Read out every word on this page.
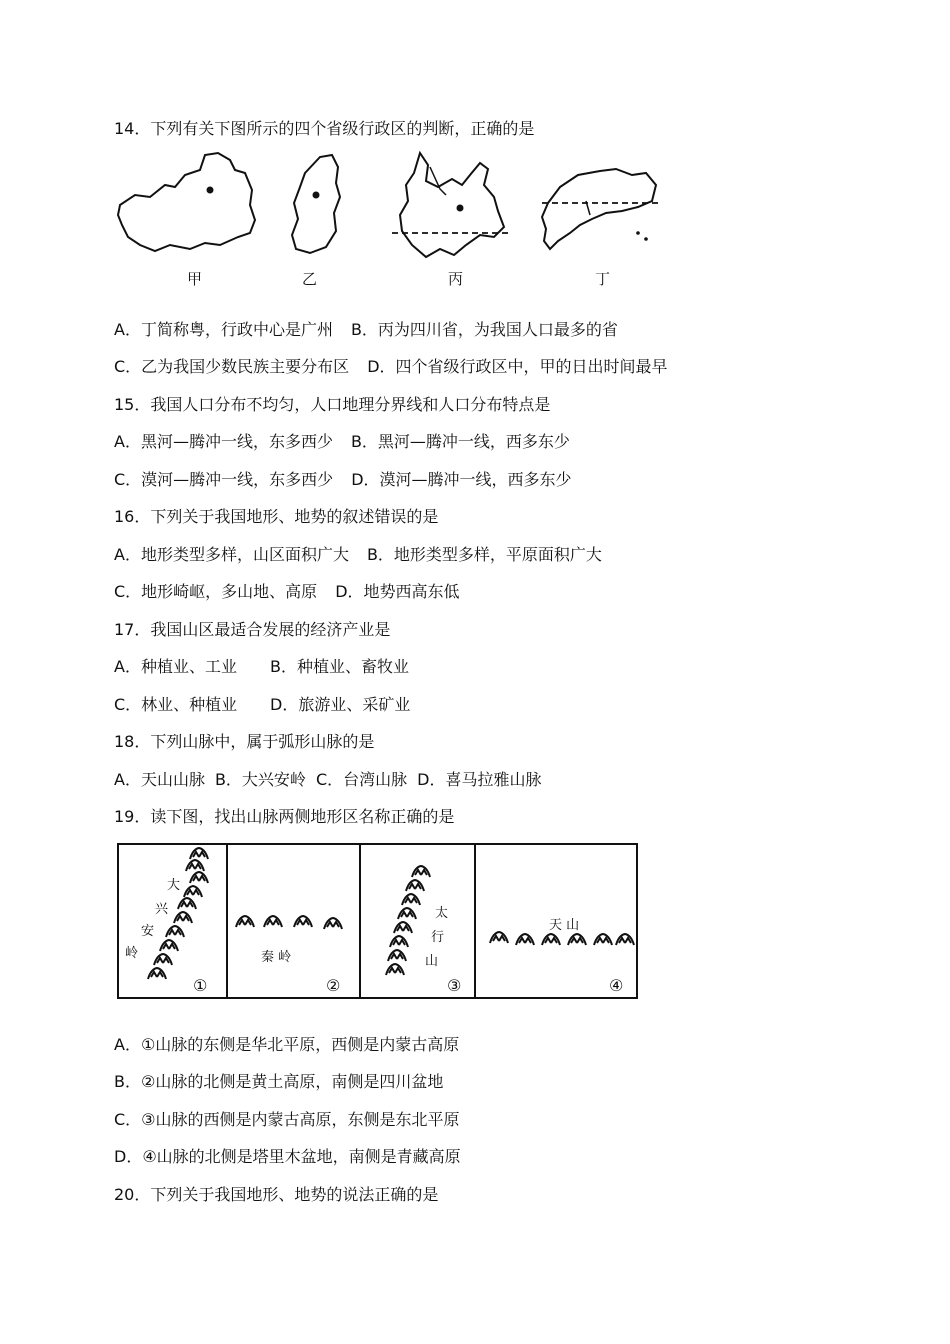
14．下列有关下图所示的四个省级行政区的判断，正确的是
甲	乙	丙	丁
A．丁简称粤，行政中心是广州 B．丙为四川省，为我国人口最多的省
C．乙为我国少数民族主要分布区 D．四个省级行政区中，甲的日出时间最早
15．我国人口分布不均匀，人口地理分界线和人口分布特点是
A．黑河—腾冲一线，东多西少 B．黑河—腾冲一线，西多东少
C．漠河—腾冲一线，东多西少 D．漠河—腾冲一线，西多东少
16．下列关于我国地形、地势的叙述错误的是
A．地形类型多样，山区面积广大 B．地形类型多样，平原面积广大
C．地形崎岖，多山地、高原 D．地势西高东低
17．我国山区最适合发展的经济产业是
A．种植业、工业 B．种植业、畜牧业
C．林业、种植业 D．旅游业、采矿业
18．下列山脉中，属于弧形山脉的是
A．天山山脉 B．大兴安岭 C．台湾山脉 D．喜马拉雅山脉
19．读下图，找出山脉两侧地形区名称正确的是
大
兴
安
岭
①
秦 岭
②
太
行
山
③
天 山
④
A．①山脉的东侧是华北平原，西侧是内蒙古高原
B．②山脉的北侧是黄土高原，南侧是四川盆地
C．③山脉的西侧是内蒙古高原，东侧是东北平原
D．④山脉的北侧是塔里木盆地，南侧是青藏高原
20．下列关于我国地形、地势的说法正确的是
